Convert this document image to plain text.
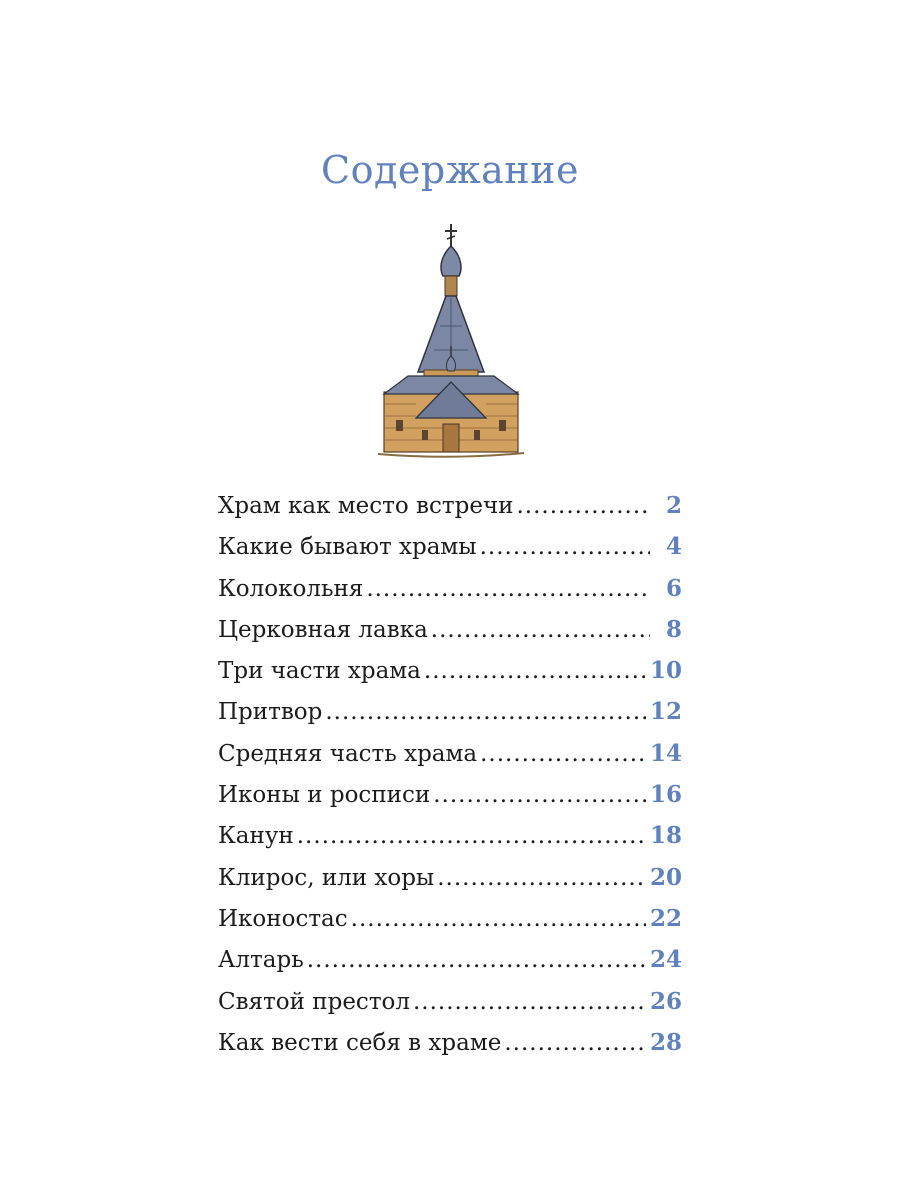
Содержание
Храм как место встречи .....	2
Какие бывают храмы .....	4
Колокольня .....	6
Церковная лавка .....	8
Три части храма .....	10
Притвор .....	12
Средняя часть храма .....	14
Иконы и росписи .....	16
Канун .....	18
Клирос, или хоры .....	20
Иконостас .....	22
Алтарь .....	24
Святой престол .....	26
Как вести себя в храме .....	28
